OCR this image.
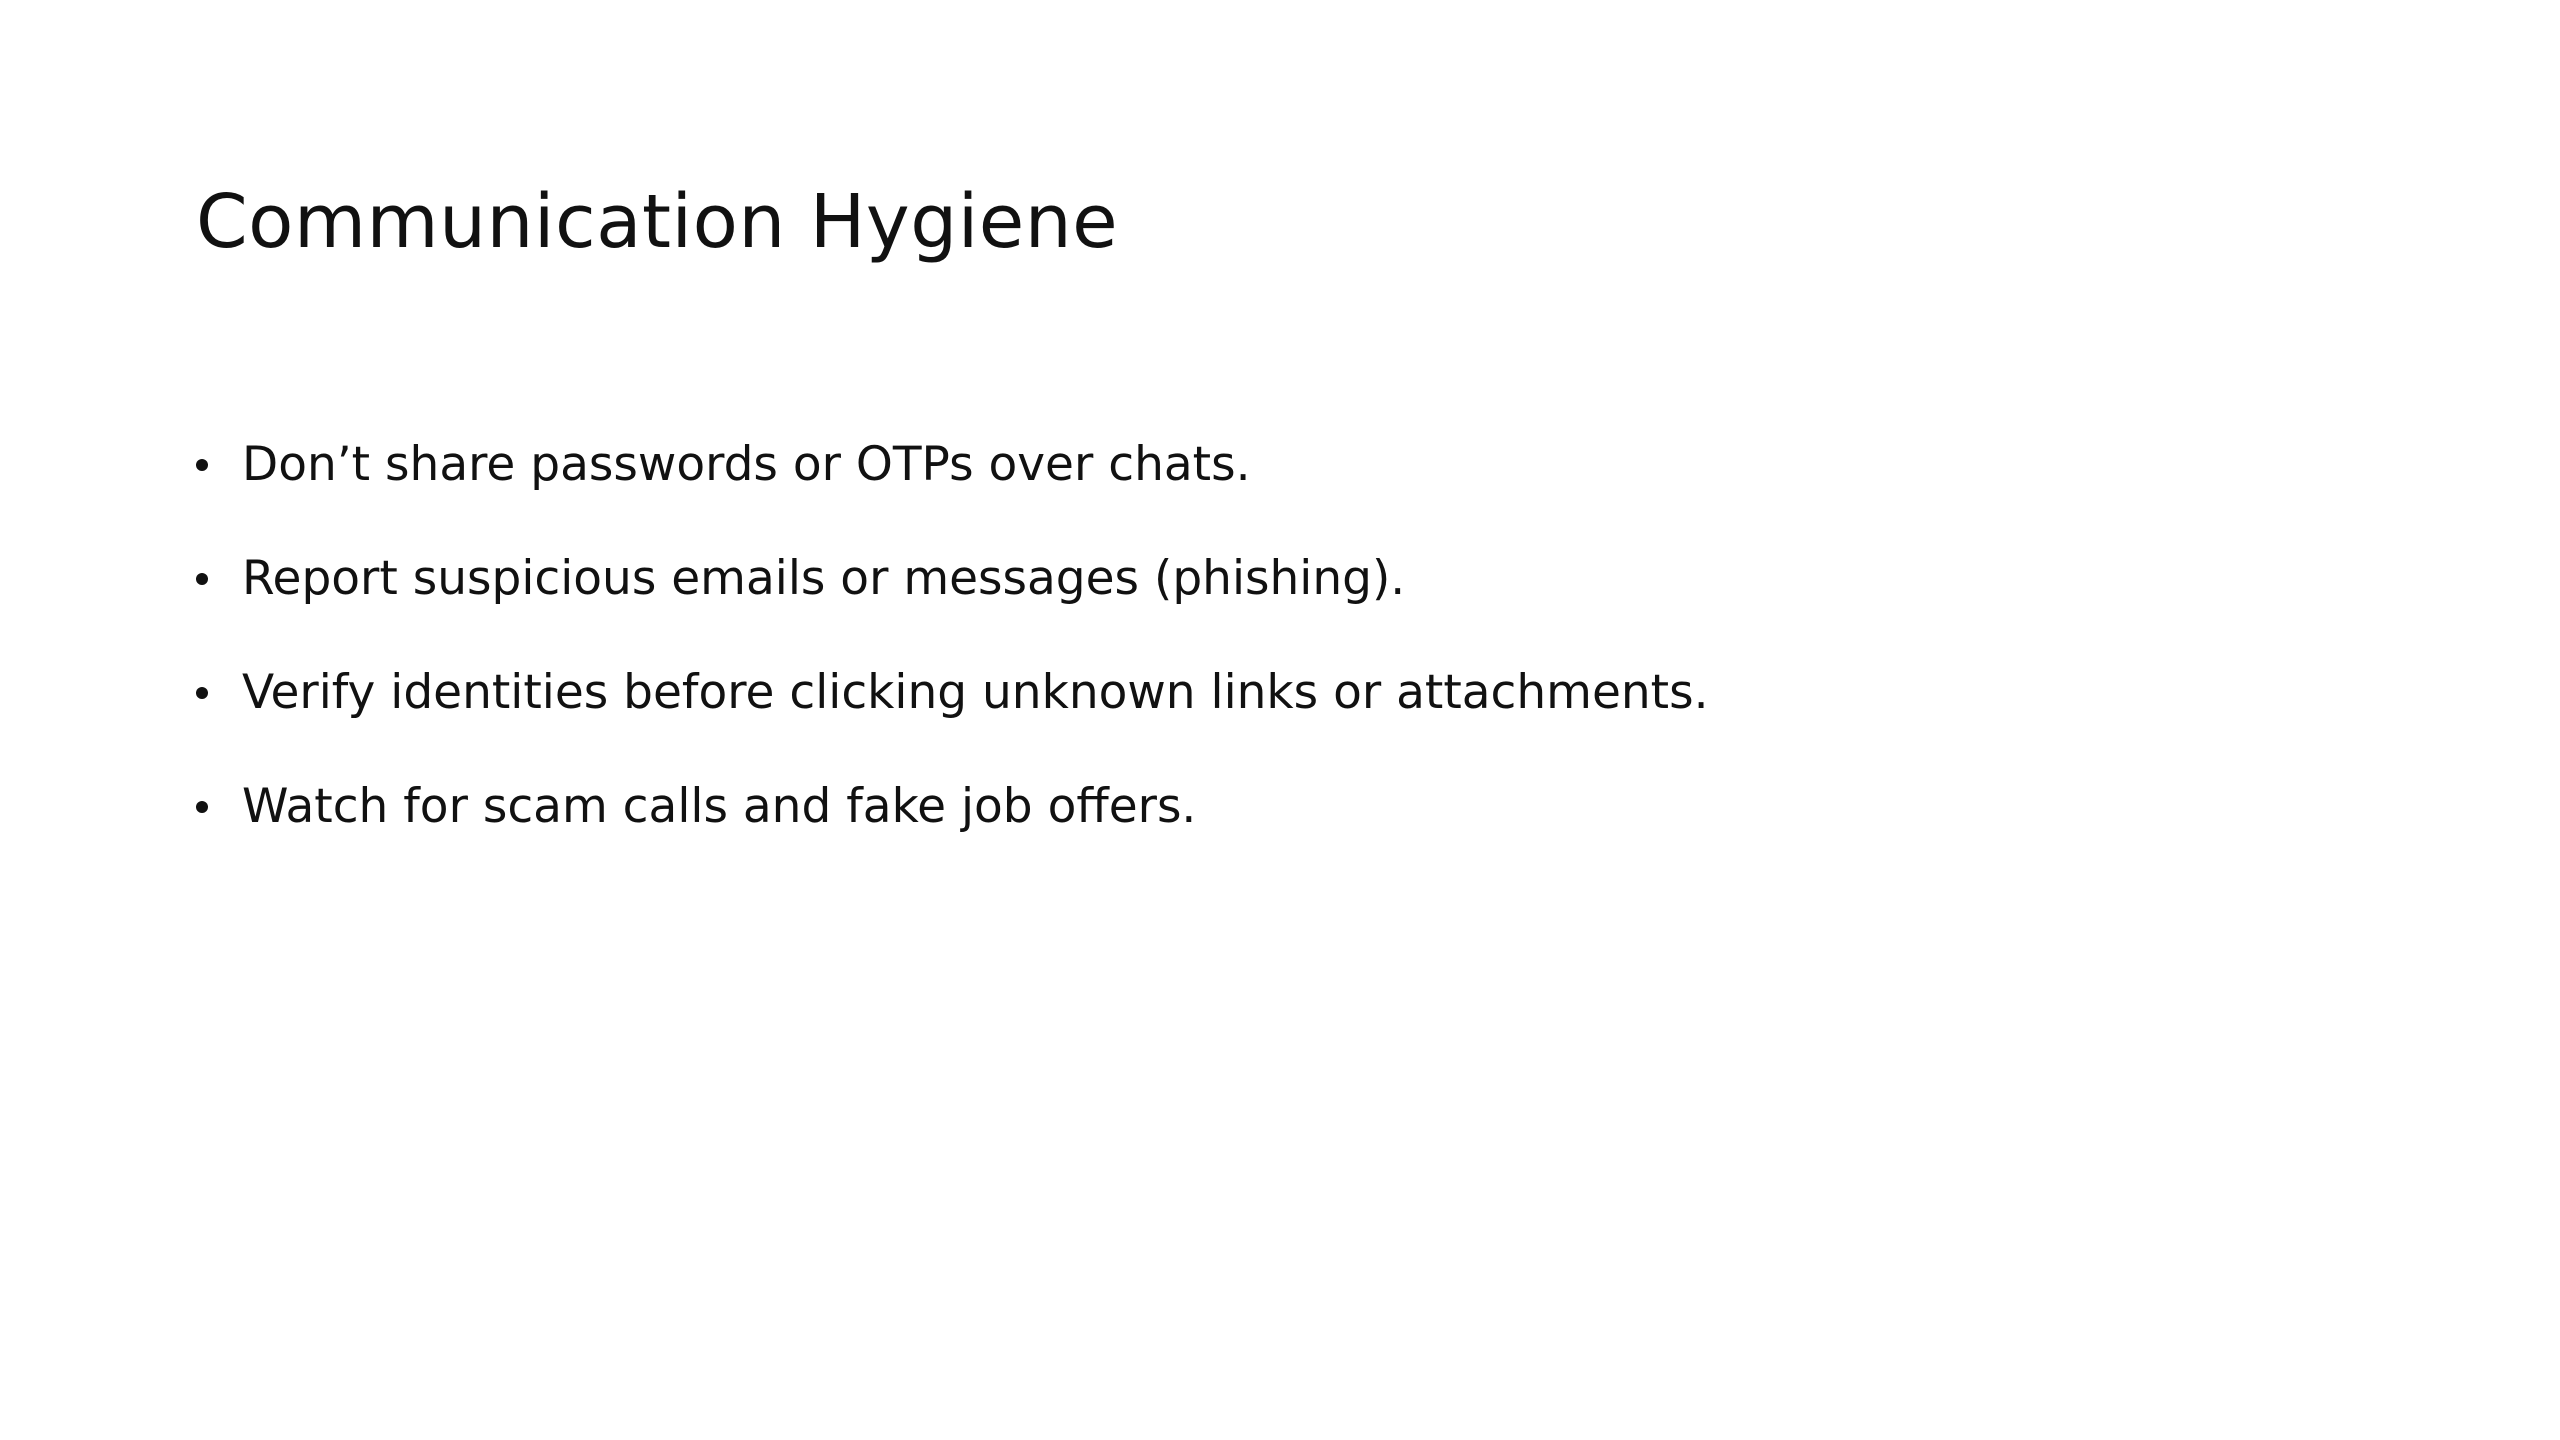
Communication Hygiene
Don’t share passwords or OTPs over chats.
Report suspicious emails or messages (phishing).
Verify identities before clicking unknown links or attachments.
Watch for scam calls and fake job offers.
